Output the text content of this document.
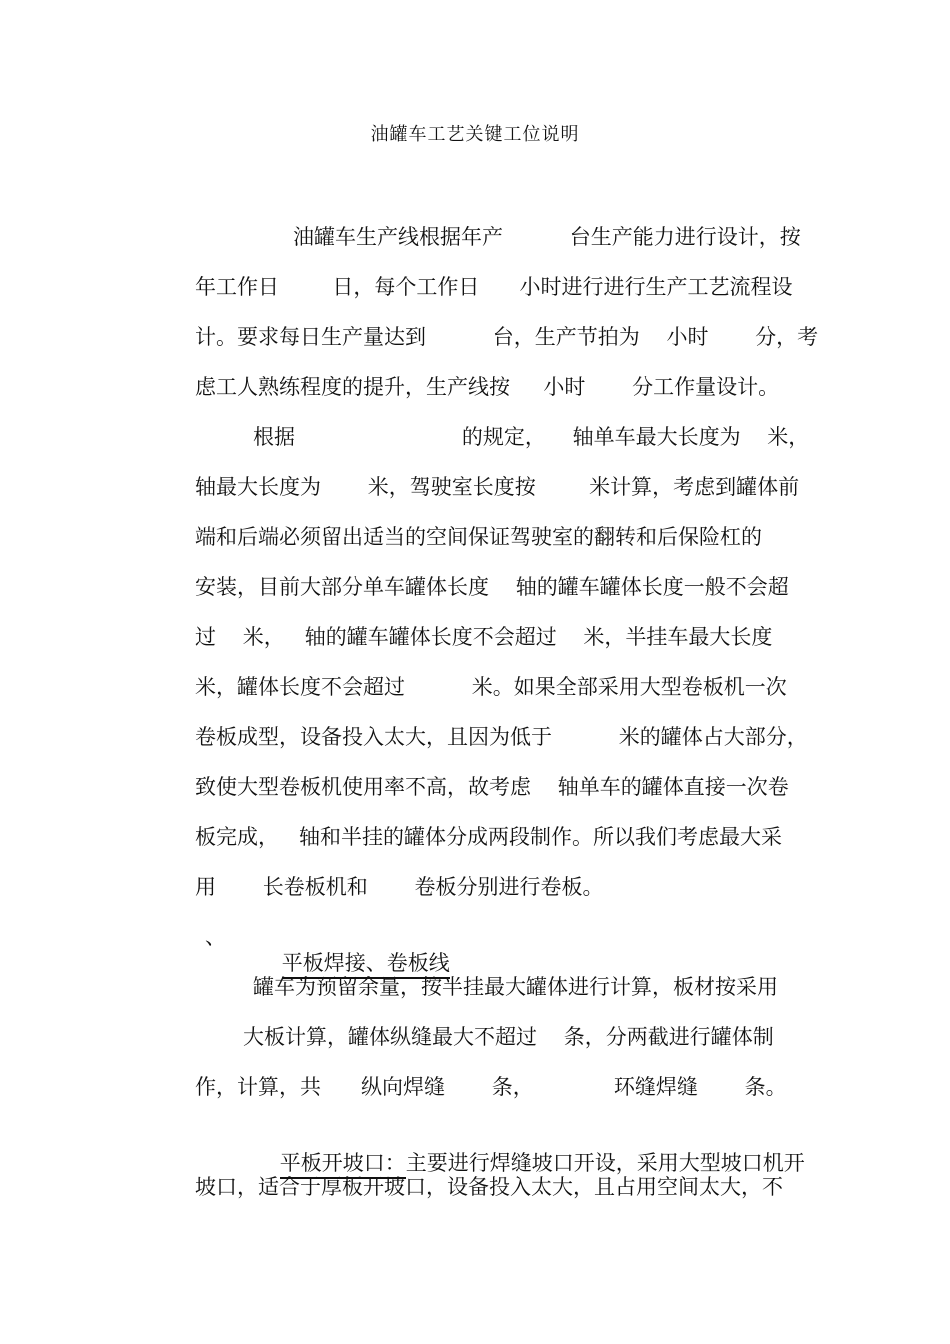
油罐车工艺关键工位说明
油罐车生产线根据年产          台生产能力进行设计，按
年工作日        日，每个工作日      小时进行进行生产工艺流程设
计。要求每日生产量达到          台，生产节拍为    小时       分，考
虑工人熟练程度的提升，生产线按     小时       分工作量设计。
根据                         的规定，    轴单车最大长度为    米，
轴最大长度为       米，驾驶室长度按        米计算，考虑到罐体前
端和后端必须留出适当的空间保证驾驶室的翻转和后保险杠的
安装，目前大部分单车罐体长度    轴的罐车罐体长度一般不会超
过    米，   轴的罐车罐体长度不会超过    米，半挂车最大长度
米，罐体长度不会超过          米。如果全部采用大型卷板机一次
卷板成型，设备投入太大，且因为低于          米的罐体占大部分，
致使大型卷板机使用率不高，故考虑    轴单车的罐体直接一次卷
板完成，   轴和半挂的罐体分成两段制作。所以我们考虑最大采
用       长卷板机和       卷板分别进行卷板。
、

平板焊接、卷板线

罐车为预留余量，按半挂最大罐体进行计算，板材按采用
大板计算，罐体纵缝最大不超过    条，分两截进行罐体制
作，计算，共      纵向焊缝       条，            环缝焊缝       条。

平板开坡口：主要进行焊缝坡口开设，采用大型坡口机开

坡口，适合于厚板开坡口，设备投入太大，且占用空间太大，不
